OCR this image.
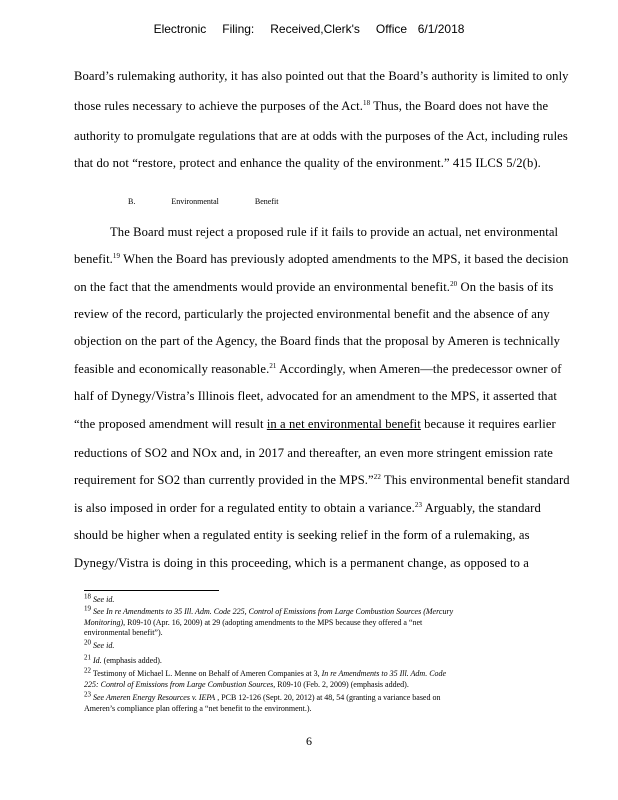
Electronic   Filing:   Received,Clerk's   Office  6/1/2018
Board’s rulemaking authority, it has also pointed out that the Board’s authority is limited to only
those rules necessary to achieve the purposes of the Act.$^{18}$ Thus, the Board does not have the
authority to promulgate regulations that are at odds with the purposes of the Act, including rules
that do not “restore, protect and enhance the quality of the environment.” 415 ILCS 5/2(b).
B.	Environmental	Benefit
The Board must reject a proposed rule if it fails to provide an actual, net environmental
benefit.$^{19}$ When the Board has previously adopted amendments to the MPS, it based the decision
on the fact that the amendments would provide an environmental benefit.$^{20}$ On the basis of its
review of the record, particularly the projected environmental benefit and the absence of any
objection on the part of the Agency, the Board finds that the proposal by Ameren is technically
feasible and economically reasonable.$^{21}$ Accordingly, when Ameren—the predecessor owner of
half of Dynegy/Vistra’s Illinois fleet, advocated for an amendment to the MPS, it asserted that
“the proposed amendment will result in a net environmental benefit because it requires earlier
reductions of SO2 and NOx and, in 2017 and thereafter, an even more stringent emission rate
requirement for SO2 than currently provided in the MPS.”$^{22}$ This environmental benefit standard
is also imposed in order for a regulated entity to obtain a variance.$^{23}$ Arguably, the standard
should be higher when a regulated entity is seeking relief in the form of a rulemaking, as
Dynegy/Vistra is doing in this proceeding, which is a permanent change, as opposed to a
$^{18}$ See id.
$^{19}$ See In re Amendments to 35 Ill. Adm. Code 225, Control of Emissions from Large Combustion Sources (Mercury
Monitoring), R09-10 (Apr. 16, 2009) at 29 (adopting amendments to the MPS because they offered a “net
environmental benefit”).
$^{20}$ See id.
$^{21}$ Id. (emphasis added).
$^{22}$ Testimony of Michael L. Menne on Behalf of Ameren Companies at 3, In re Amendments to 35 Ill. Adm. Code
225: Control of Emissions from Large Combustion Sources, R09-10 (Feb. 2, 2009) (emphasis added).
$^{23}$ See Ameren Energy Resources v. IEPA , PCB 12-126 (Sept. 20, 2012) at 48, 54 (granting a variance based on
Ameren’s compliance plan offering a “net benefit to the environment.).
6
